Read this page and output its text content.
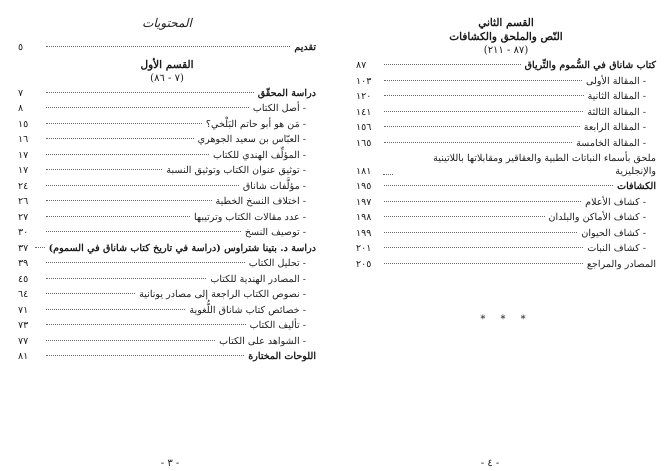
المحتويات
تقديم
٥
القسم الأول
(٧ - ٨٦)
دراسة المحقّق
٧
- أصل الكتاب
٨
- مَن هو أبو حاتم البَلْخي؟
١٥
- العبّاس بن سعيد الجوهري
١٦
- المؤلِّف الهندي للكتاب
١٧
- توثيق عنوان الكتاب وتوثيق النسبة
١٧
- مؤلَّفات شاناق
٢٤
- اختلاف النسخ الخطية
٢٦
- عدد مقالات الكتاب وترتيبها
٢٧
- توصيف النسخ
٣٠
دراسة د. بتينا شتراوس (دراسة في تاريخ كتاب شاناق في السموم)
٣٧
- تحليل الكتاب
٣٩
- المصادر الهندية للكتاب
٤٥
- نصوص الكتاب الراجعة إلى مصادر يونانية
٦٤
- خصائص كتاب شاناق اللُّغوية
٧١
- تأليف الكتاب
٧٣
- الشواهد على الكتاب
٧٧
اللوحات المختارة
٨١
- ٣ -
القسم الثاني
النّص والملحق والكشافات
(٨٧ - ٢١١)
كتاب شاناق في السُّموم والتِّرياق
٨٧
- المقالة الأولى
١٠٣
- المقالة الثانية
١٢٠
- المقالة الثالثة
١٤١
- المقالة الرابعة
١٥٦
- المقالة الخامسة
١٦٥
ملحق بأسماء النباتات الطبية والعقاقير ومقابلاتها باللاتينية والإنجليزية
١٨١
الكشافات
١٩٥
- كشاف الأعلام
١٩٧
- كشاف الأماكن والبلدان
١٩٨
- كشاف الحيوان
١٩٩
- كشاف النبات
٢٠١
المصادر والمراجع
٢٠٥
* * *
- ٤ -
